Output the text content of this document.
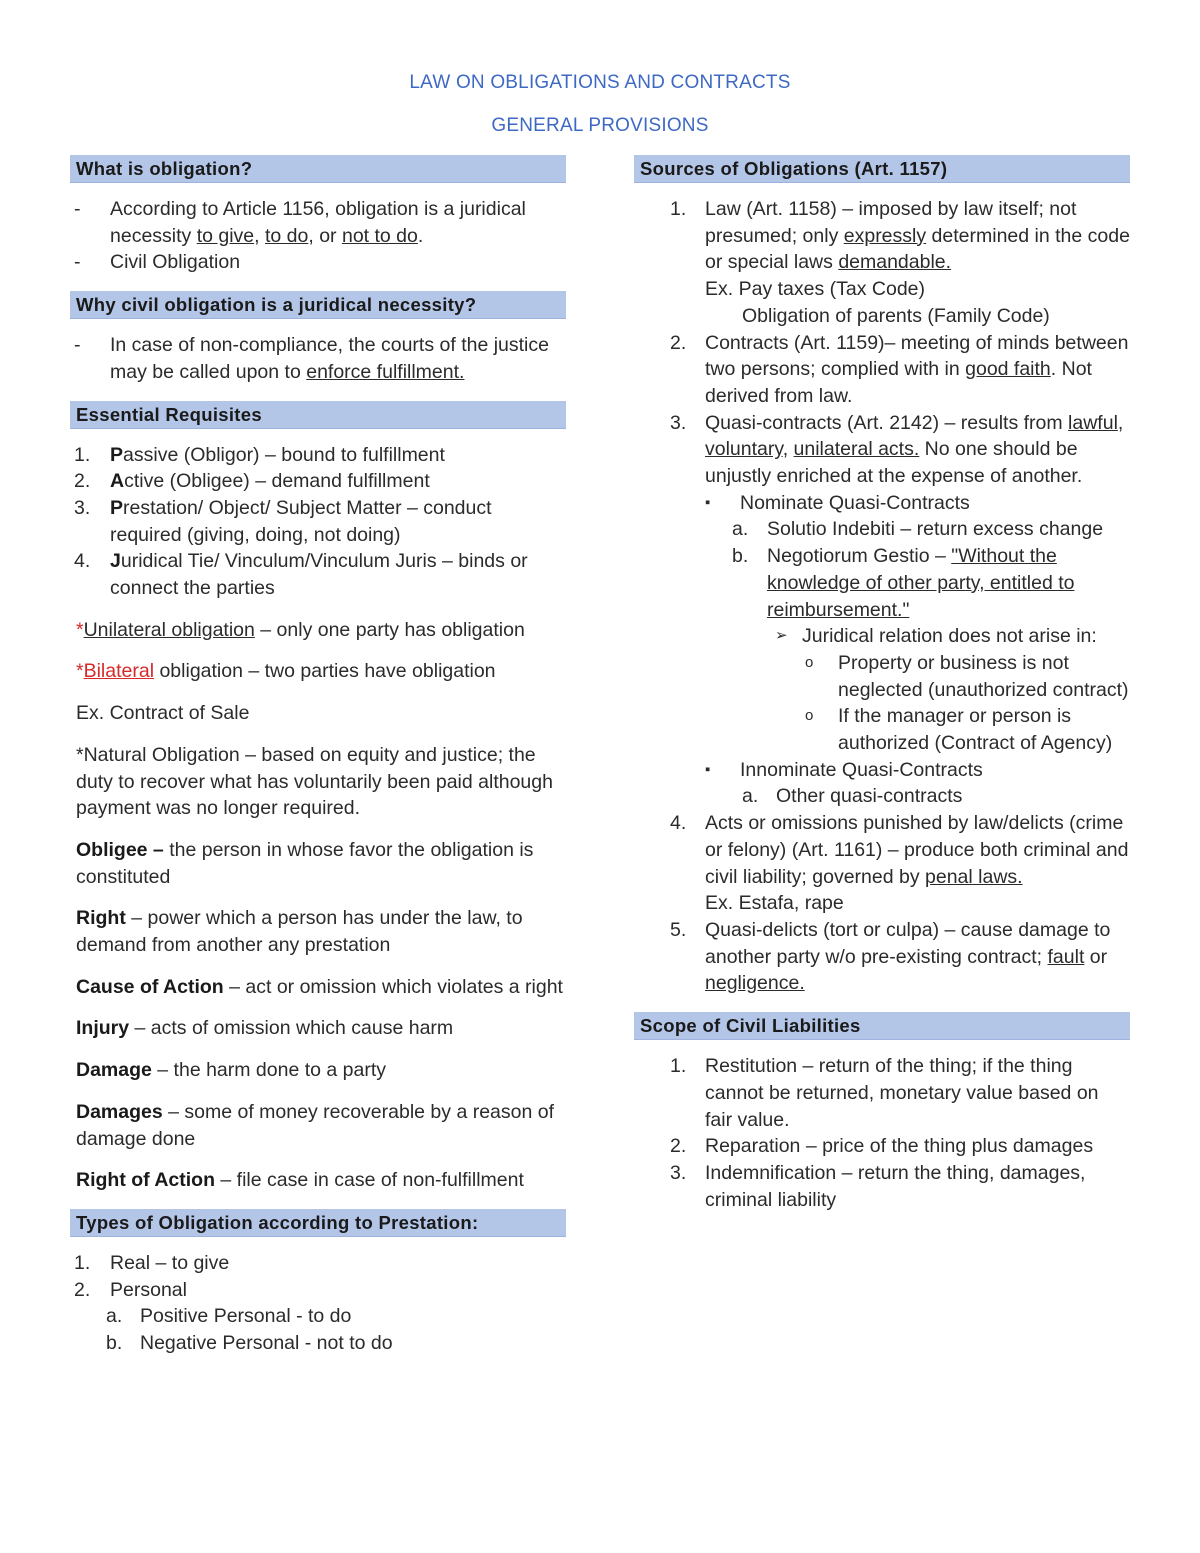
LAW ON OBLIGATIONS AND CONTRACTS
GENERAL PROVISIONS
What is obligation?
- According to Article 1156, obligation is a juridical necessity to give, to do, or not to do.
- Civil Obligation
Why civil obligation is a juridical necessity?
- In case of non-compliance, the courts of the justice may be called upon to enforce fulfillment.
Essential Requisites
1. Passive (Obligor) – bound to fulfillment
2. Active (Obligee) – demand fulfillment
3. Prestation/ Object/ Subject Matter – conduct required (giving, doing, not doing)
4. Juridical Tie/ Vinculum/Vinculum Juris – binds or connect the parties
*Unilateral obligation – only one party has obligation
*Bilateral obligation – two parties have obligation
Ex. Contract of Sale
*Natural Obligation – based on equity and justice; the duty to recover what has voluntarily been paid although payment was no longer required.
Obligee – the person in whose favor the obligation is constituted
Right – power which a person has under the law, to demand from another any prestation
Cause of Action – act or omission which violates a right
Injury – acts of omission which cause harm
Damage – the harm done to a party
Damages – some of money recoverable by a reason of damage done
Right of Action – file case in case of non-fulfillment
Types of Obligation according to Prestation:
1. Real – to give
2. Personal
a. Positive Personal - to do
b. Negative Personal - not to do
Sources of Obligations (Art. 1157)
1. Law (Art. 1158) – imposed by law itself; not presumed; only expressly determined in the code or special laws demandable.
Ex. Pay taxes (Tax Code)
Obligation of parents (Family Code)
2. Contracts (Art. 1159)– meeting of minds between two persons; complied with in good faith. Not derived from law.
3. Quasi-contracts (Art. 2142) – results from lawful, voluntary, unilateral acts. No one should be unjustly enriched at the expense of another.
▪ Nominate Quasi-Contracts
a. Solutio Indebiti – return excess change
b. Negotiorum Gestio – "Without the knowledge of other party, entitled to reimbursement."
➢ Juridical relation does not arise in:
o Property or business is not neglected (unauthorized contract)
o If the manager or person is authorized (Contract of Agency)
▪ Innominate Quasi-Contracts
a. Other quasi-contracts
4. Acts or omissions punished by law/delicts (crime or felony) (Art. 1161) – produce both criminal and civil liability; governed by penal laws.
Ex. Estafa, rape
5. Quasi-delicts (tort or culpa) – cause damage to another party w/o pre-existing contract; fault or negligence.
Scope of Civil Liabilities
1. Restitution – return of the thing; if the thing cannot be returned, monetary value based on fair value.
2. Reparation – price of the thing plus damages
3. Indemnification – return the thing, damages, criminal liability
